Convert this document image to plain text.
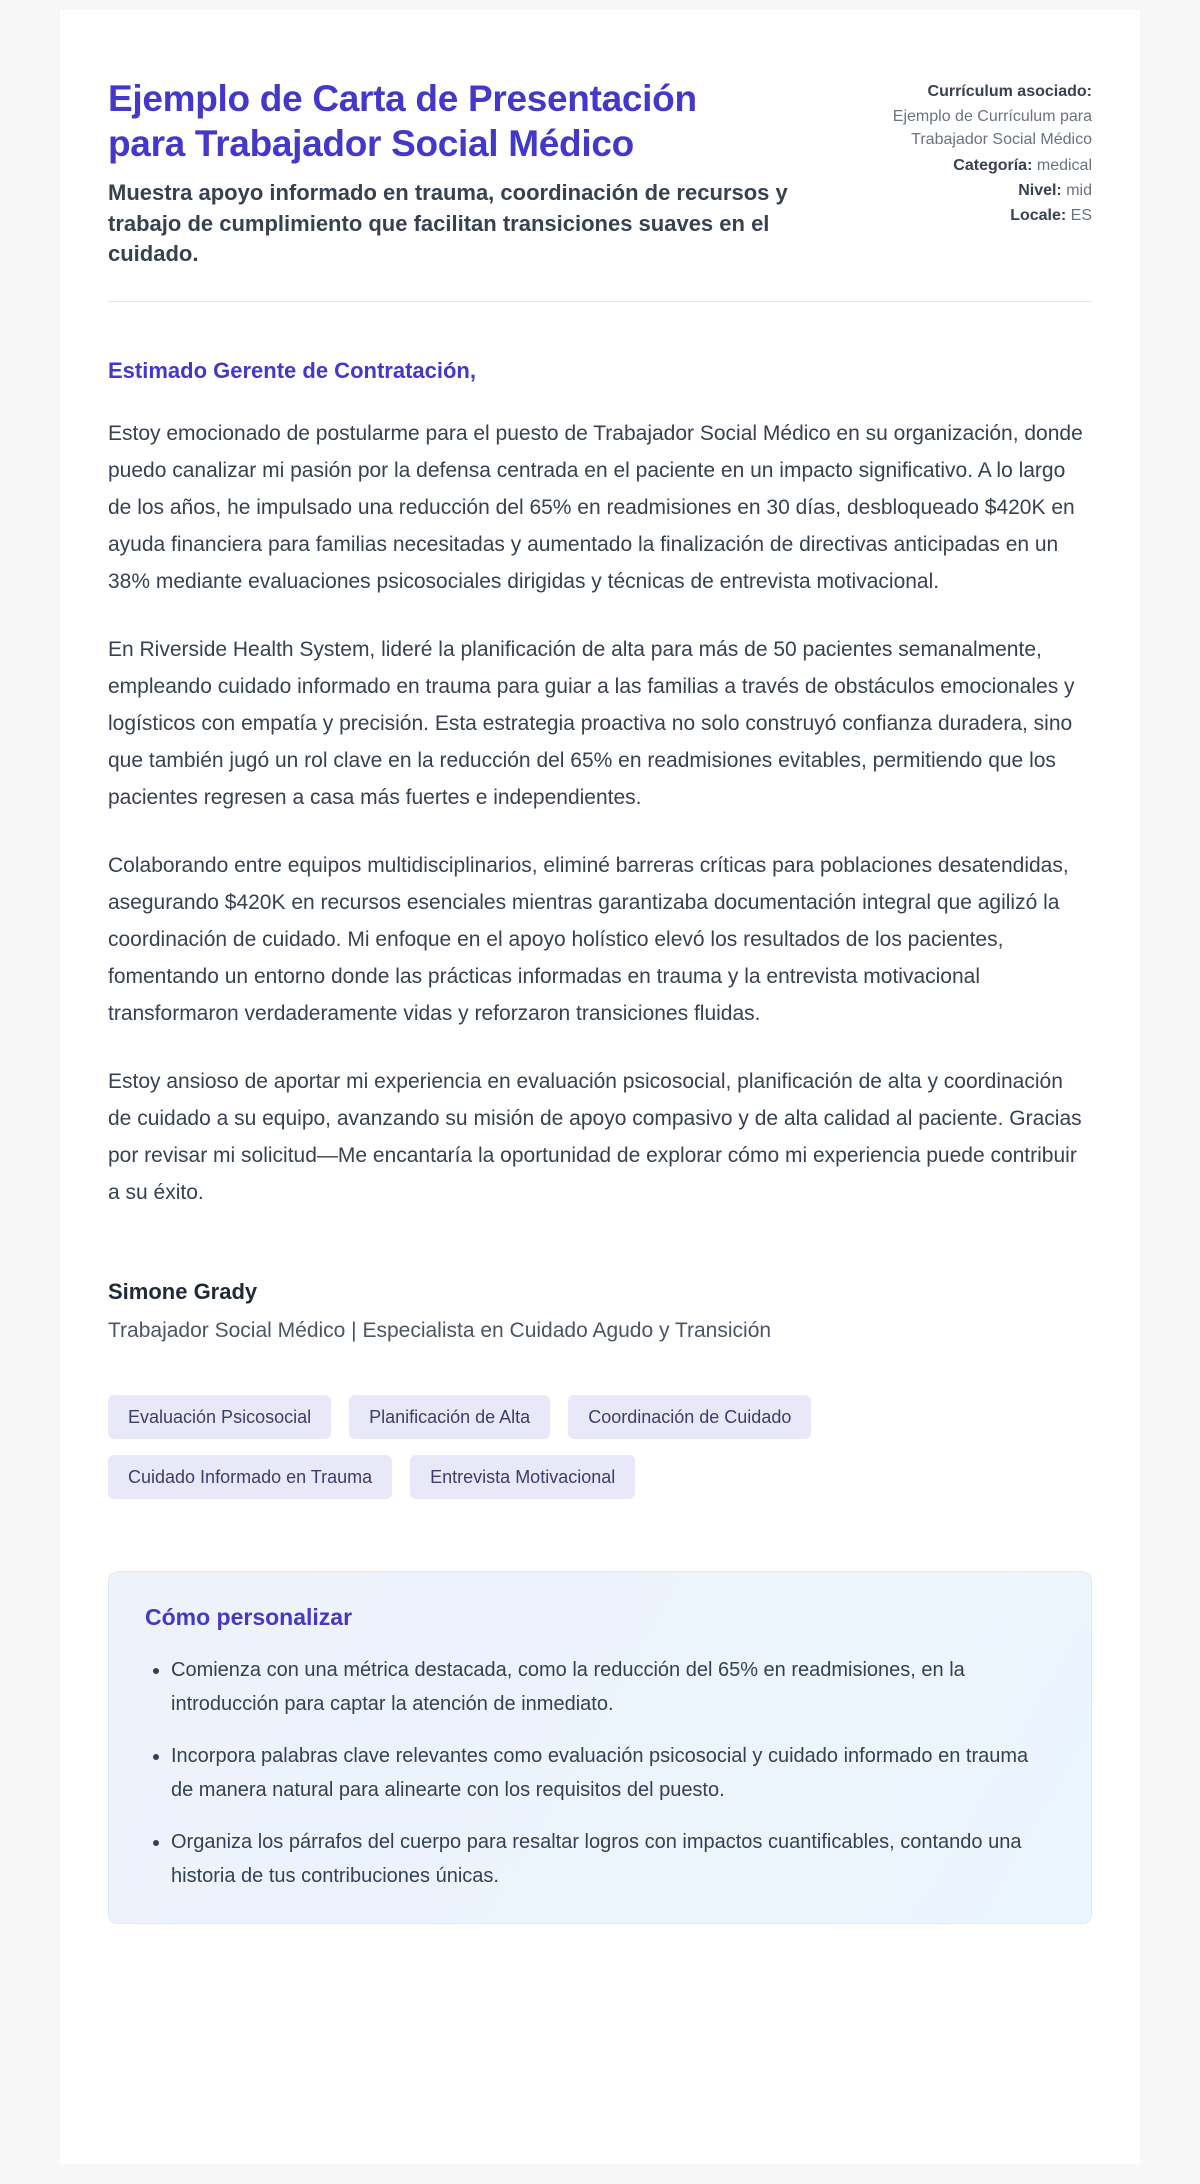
Ejemplo de Carta de Presentación para Trabajador Social Médico

Muestra apoyo informado en trauma, coordinación de recursos y trabajo de cumplimiento que facilitan transiciones suaves en el cuidado.

Currículum asociado:
Ejemplo de Currículum para Trabajador Social Médico
Categoría: medical
Nivel: mid
Locale: ES

Estimado Gerente de Contratación,

Estoy emocionado de postularme para el puesto de Trabajador Social Médico en su organización, donde puedo canalizar mi pasión por la defensa centrada en el paciente en un impacto significativo. A lo largo de los años, he impulsado una reducción del 65% en readmisiones en 30 días, desbloqueado $420K en ayuda financiera para familias necesitadas y aumentado la finalización de directivas anticipadas en un 38% mediante evaluaciones psicosociales dirigidas y técnicas de entrevista motivacional.

En Riverside Health System, lideré la planificación de alta para más de 50 pacientes semanalmente, empleando cuidado informado en trauma para guiar a las familias a través de obstáculos emocionales y logísticos con empatía y precisión. Esta estrategia proactiva no solo construyó confianza duradera, sino que también jugó un rol clave en la reducción del 65% en readmisiones evitables, permitiendo que los pacientes regresen a casa más fuertes e independientes.

Colaborando entre equipos multidisciplinarios, eliminé barreras críticas para poblaciones desatendidas, asegurando $420K en recursos esenciales mientras garantizaba documentación integral que agilizó la coordinación de cuidado. Mi enfoque en el apoyo holístico elevó los resultados de los pacientes, fomentando un entorno donde las prácticas informadas en trauma y la entrevista motivacional transformaron verdaderamente vidas y reforzaron transiciones fluidas.

Estoy ansioso de aportar mi experiencia en evaluación psicosocial, planificación de alta y coordinación de cuidado a su equipo, avanzando su misión de apoyo compasivo y de alta calidad al paciente. Gracias por revisar mi solicitud—Me encantaría la oportunidad de explorar cómo mi experiencia puede contribuir a su éxito.

Simone Grady

Trabajador Social Médico | Especialista en Cuidado Agudo y Transición

Evaluación Psicosocial	Planificación de Alta	Coordinación de Cuidado
Cuidado Informado en Trauma	Entrevista Motivacional
Cómo personalizar
• Comienza con una métrica destacada, como la reducción del 65% en readmisiones, en la introducción para captar la atención de inmediato.
• Incorpora palabras clave relevantes como evaluación psicosocial y cuidado informado en trauma de manera natural para alinearte con los requisitos del puesto.
• Organiza los párrafos del cuerpo para resaltar logros con impactos cuantificables, contando una historia de tus contribuciones únicas.
